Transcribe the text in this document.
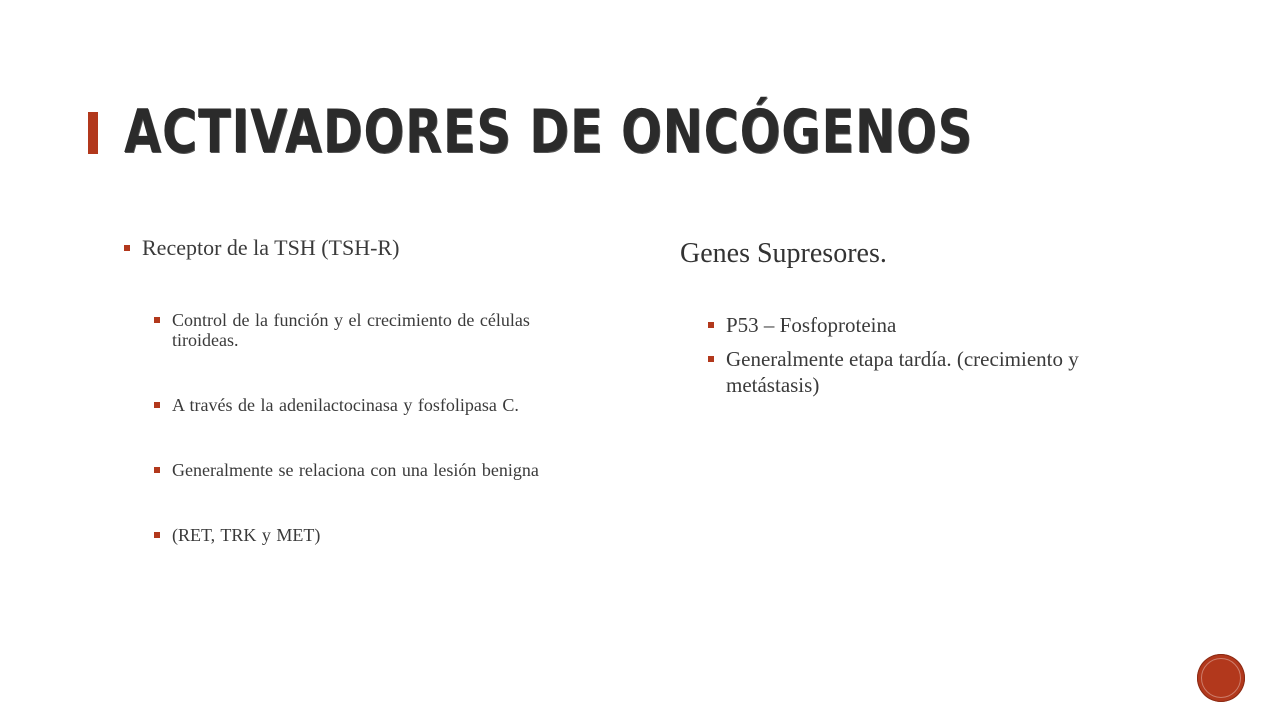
ACTIVADORES DE ONCÓGENOS
Receptor de la TSH (TSH-R)
Control de la función y el crecimiento de células tiroideas.
A través de la adenilactocinasa y fosfolipasa C.
Generalmente se relaciona con una lesión benigna
(RET, TRK y MET)
Genes Supresores.
P53 – Fosfoproteina
Generalmente etapa tardía. (crecimiento y metástasis)
